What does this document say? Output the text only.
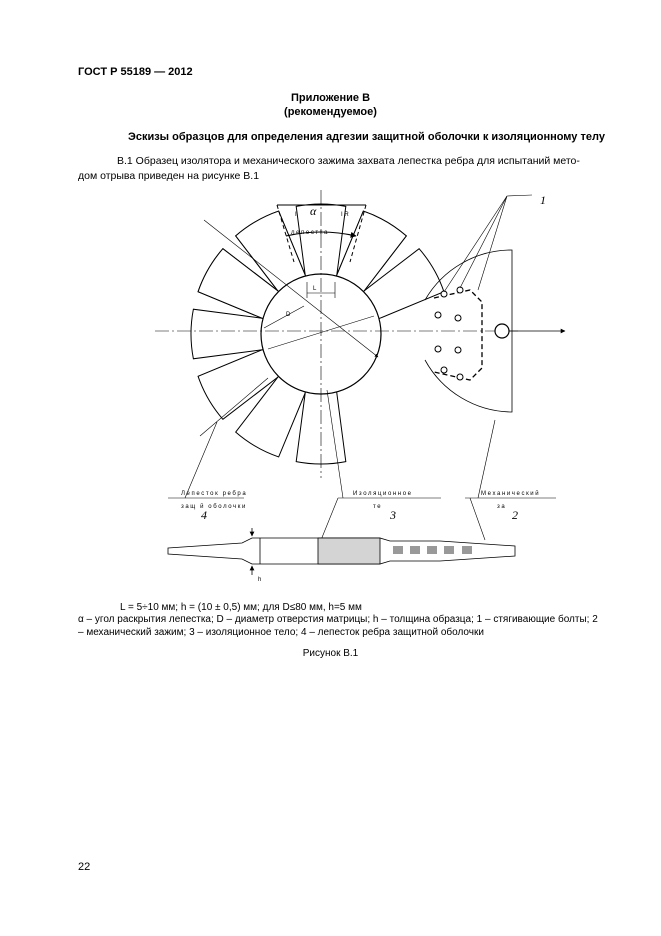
ГОСТ Р 55189 — 2012
Приложение В
(рекомендуемое)
Эскизы образцов для определения адгезии защитной оболочки к изоляционному телу
В.1 Образец изолятора и механического зажима захвата лепестка ребра для испытаний мето-
дом отрыва приведен на рисунке В.1
α
I	I R
лепестка
L
D
h
1
Лепесток ребра
защ й оболочки
4
Изоляционное
те
3
Механический
за
2
L = 5÷10 мм; h = (10 ± 0,5) мм; для D≤80 мм, h=5 мм
α – угол раскрытия лепестка; D – диаметр отверстия матрицы; h – толщина образца; 1 – стягивающие болты; 2
– механический зажим; 3 – изоляционное тело; 4 – лепесток ребра защитной оболочки
Рисунок В.1
22
